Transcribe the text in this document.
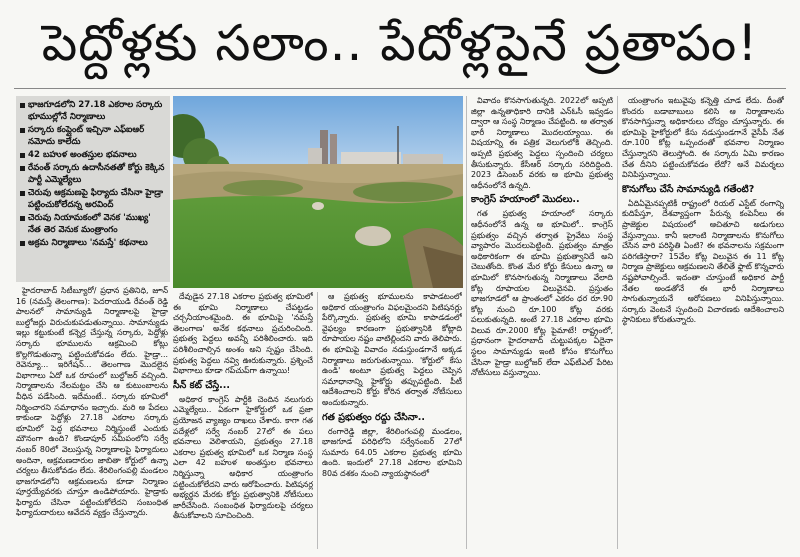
పెద్దోళ్లకు సలాం.. పేదోళ్లపైనే ప్రతాపం!
భాజగూడలోని 27.18 ఎకరాల సర్కారు భూముల్లోనే నిర్మాణాలు
సర్కారు కంప్లైంట్ ఇచ్చినా ఎఫ్ఐఆర్ నమోదు కాలేదు
42 బహుళ అంతస్తుల భవనాలు
రేవంత్ సర్కారు ఉదాసీనతతో కోర్టు కెక్కిన పార్టీ ఎమ్మెల్యేలు
చెరువు ఆక్రమణపై ఫిర్యాదు చేసినా హైడ్రా పట్టించుకోలేదన్న అరవింద్
చెరువు నియామకంలో వెనక 'ముఖ్య' నేత తెర వెనుక మంత్రాంగం
అక్రమ నిర్మాణాలు 'నమస్తే' కథనాలు

హైదరాబాద్ సిటీబ్యూరో/ ప్రధాన ప్రతినిధి, జూన్ 16 (నమస్తే తెలంగాణ): పెదరాయుడి రేవంత్ రెడ్డి పాలనలో సామాన్యుడి నిర్మాణాలపై హైడ్రా బుల్డోజర్లు విరుచుకుపడుతున్నాయి. సామాన్యుడు ఇల్లు కట్టుకుంటే కన్నెర్ర చేస్తున్న సర్కారు, పెద్దోళ్లు సర్కారు భూములను ఆక్రమించి కోట్లు కొల్లగొడుతున్నా పట్టించుకోవడం లేదు. హైడ్రా... రెవెన్యూ... ఇరిగేషన్... తెలంగాణ మొదలైన విభాగాలు ఏదో ఒక రూపంలో బుల్డోజర్ వచ్చింది. నిర్మాణాలను నేలమట్టం చేసి ఆ కుటుంబాలను వీధిన పడేసింది. ఇదేమంటే.. సర్కారు భూమిలో నిర్మించారని సమాధానం ఇచ్చారు. మరి ఆ పేదలు కాకుండా పెద్దోళ్లు 27.18 ఎకరాల సర్కారు భూమిలో పెద్ద భవనాలు నిర్మిస్తుంటే ఎందుకు మౌనంగా ఉంది? కొండాపూర్ సమీపంలోని సర్వే నంబర్ 80లో వెలుస్తున్న నిర్మాణాలపై ఫిర్యాదులు అందినా, ఆక్రమణదారుల జాబితా కోర్టులో ఉన్నా చర్యలు తీసుకోవడం లేదు. శేరిలింగంపల్లి మండలం భాజగూడలోని ఆక్రమణలను కూడా నిర్మాణం పూర్తయ్యేవరకు చూస్తూ ఉండిపోయారు. హైడ్రాకు ఫిర్యాదు చేసినా పట్టించుకోలేదని సంబంధిత ఫిర్యాదుదారులు ఆవేదన వ్యక్తం చేస్తున్నారు.

దేవుడైన 27.18 ఎకరాల ప్రభుత్వ భూమిలో ఈ భూమి నిర్మాణాలు చేపట్టడం చర్చనీయాంశమైంది. ఈ భూమిపై 'నమస్తే తెలంగాణ' అనేక కథనాలు ప్రచురించింది. ప్రభుత్వ పెద్దలు అవన్నీ పరిశీలించారు. ఇది పరిశీలించాల్సిన అంశం అని స్పష్టం చేసింది. ప్రభుత్వ పెద్దలు నవ్వి ఊరుకున్నారు. ప్రశ్నించే విభాగాలు కూడా గప్‌చుప్‌గా ఉన్నాయి!

సీన్ కట్ చేస్తే...

అధికార కాంగ్రెస్ పార్టీకి చెందిన నలుగురు ఎమ్మెల్యేలు.. ఏకంగా హైకోర్టులో ఒక ప్రజా ప్రయోజన వ్యాజ్యం దాఖలు చేశారు. కాగా గత పదేళ్లలో సర్వే నంబర్ 27లో ఈ పలు భవనాలు వెలిశాయని, ప్రభుత్వం 27.18 ఎకరాల ప్రభుత్వ భూమిలో ఒక నిర్మాణ సంస్థ ఎలా 42 బహుళ అంతస్తుల భవనాలు నిర్మిస్తున్నా అధికార యంత్రాంగం పట్టించుకోలేదని వారు ఆరోపించారు. పిటిషనర్ల అభ్యర్థన మేరకు కోర్టు ప్రభుత్వానికి నోటీసులు జారీచేసింది. సంబంధిత ఫిర్యాదులపై చర్యలు తీసుకోవాలని సూచించింది.

ఆ ప్రభుత్వ భూములను కాపాడటంలో అధికార యంత్రాంగం విఫలమైందని పిటిషనర్లు పేర్కొన్నారు. ప్రభుత్వ భూమి కాపాడడంలో వైఫల్యం కారణంగా ప్రభుత్వానికి కోట్లాది రూపాయల నష్టం వాటిల్లిందని వారు తెలిపారు. ఈ భూమిపై వివాదం నడుస్తుండగానే అక్కడ నిర్మాణాలు జరుగుతున్నాయి. 'కోర్టులో కేసు ఉండి' అంటూ ప్రభుత్వ పెద్దలు చెప్పిన సమాధానాన్ని హైకోర్టు తప్పుపట్టింది. పీటీ ఆదేశించాలని కోర్టు కోరిన తర్వాత నోటీసులు అందుకున్నారు.

గత ప్రభుత్వం రద్దు చేసినా..

రంగారెడ్డి జిల్లా, శేరిలింగంపల్లి మండలం, భాజగూడ పరిధిలోని సర్వేనంబర్ 27లో సుమారు 64.05 ఎకరాల ప్రభుత్వ భూమి ఉంది. ఇందులో 27.18 ఎకరాల భూమిని 80వ దశకం నుంచి న్యాయస్థానంలో

వివాదం కొనసాగుతున్నది. 2022లో అప్పటి జిల్లా ఉన్నతాధికారి దానికి ఎన్‌ఓసీ ఇవ్వడం ద్వారా ఆ సంస్థ నిర్మాణం చేపట్టింది. ఆ తర్వాత భారీ నిర్మాణాలు మొదలయ్యాయి. ఈ విషయాన్ని ఈ పత్రిక వెలుగులోకి తెచ్చింది. అప్పటి ప్రభుత్వ పెద్దలు స్పందించి చర్యలు తీసుకున్నారు. కేసీఆర్ సర్కారు సరిదిద్దింది. 2023 డిసెంబర్ వరకు ఆ భూమి ప్రభుత్వ ఆధీనంలోనే ఉన్నది.

కాంగ్రెస్ హయాంలో మొదలు..

గత ప్రభుత్వ హయాంలో సర్కారు ఆధీనంలోనే ఉన్న ఆ భూమిలో.. కాంగ్రెస్ ప్రభుత్వం వచ్చిన తర్వాత ప్రైవేటు సంస్థ వ్యాపారం మొదలుపెట్టింది. ప్రభుత్వం మాత్రం అధికారికంగా ఈ భూమి ప్రభుత్వానిదే అని చెబుతోంది. కొంత మేర కోర్టు కేసులు ఉన్నా ఆ భూమిలో కొనసాగుతున్న నిర్మాణాలు వేలాది కోట్ల రూపాయల విలువైనవి. ప్రస్తుతం భాజగూడలో ఆ ప్రాంతంలో ఎకరం ధర రూ.90 కోట్ల నుంచి రూ.100 కోట్ల వరకు పలుకుతున్నది. అంటే 27.18 ఎకరాల భూమి విలువ రూ.2000 కోట్ల పైమాటే! రాష్ట్రంలో, ప్రధానంగా హైదరాబాద్ చుట్టుపక్కల ఏదైనా స్థలం సామాన్యుడు ఇంటి కోసం కొనుగోలు చేసినా హైడ్రా బుల్డోజర్ లేదా ఎఫ్‌టీఎల్ పేరిట నోటీసులు వస్తున్నాయి.

యంత్రాంగం ఇటువైపు కన్నెత్తి చూడ లేదు. దీంతో కొందరు బడాబాబులు కలిసి ఆ నిర్మాణాలను కొనసాగిస్తున్నా అధికారులు చోద్యం చూస్తున్నారు. ఈ భూమిపై హైకోర్టులో కేసు నడుస్తుండగానే వైసీపీ నేత రూ.100 కోట్ల ఒప్పందంతో భవనాల నిర్మాణం చేస్తున్నారని తెలుస్తోంది. ఈ సర్కారు ఏమి కారణం చేత దీనిని పట్టించుకోవడం లేదో? అనే విమర్శలు వినిపిస్తున్నాయి.

కొనుగోలు చేసే సామాన్యుడి గతేంటి?

ఏదిఏమైనప్పటికీ రాష్ట్రంలో రియల్ ఎస్టేట్ రంగాన్ని కుదిపేస్తూ, దేశవ్యాప్తంగా పేరున్న కంపెనీలు ఈ ప్రాజెక్టుల విషయంలో ఆచితూచి అడుగులు వేస్తున్నాయి. కానీ ఇలాంటి నిర్మాణాలను కొనుగోలు చేసిన వారి పరిస్థితి ఏంటి? ఈ భవనాలను సక్రమంగా పరిగణిస్తారా? 15వేల కోట్ల విలువైన ఈ 11 కోట్ల నిర్మాణ ప్రాజెక్టులు ఆక్రమణలని తేలితే ఫ్లాట్ కొన్నవారు నష్టపోవాల్సిందే. ఇదంతా చూస్తుంటే అధికార పార్టీ నేతల అండతోనే ఈ భారీ నిర్మాణాలు సాగుతున్నాయనే ఆరోపణలు వినిపిస్తున్నాయి. సర్కారు వెంటనే స్పందించి విచారణకు ఆదేశించాలని స్థానికులు కోరుతున్నారు.
